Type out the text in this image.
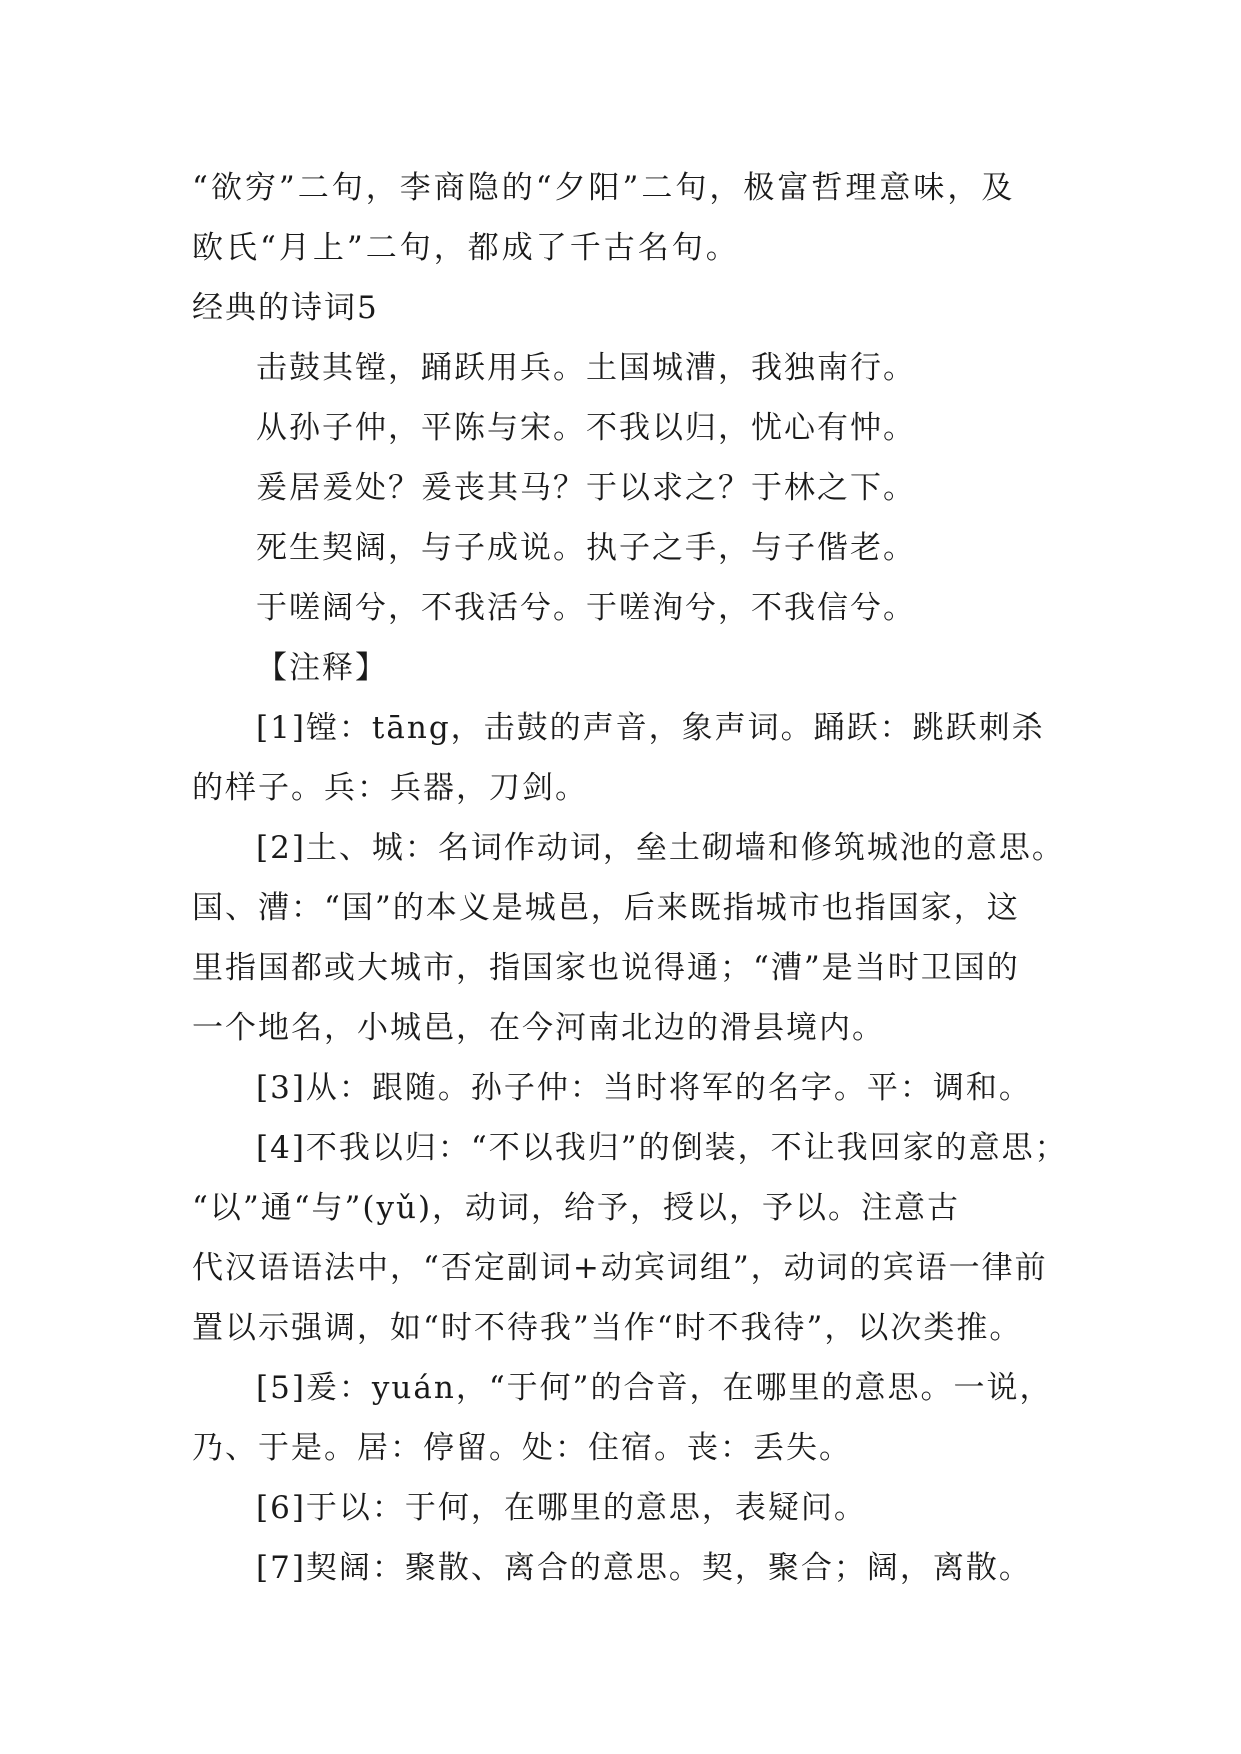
“欲穷”二句，李商隐的“夕阳”二句，极富哲理意味，及
欧氏“月上”二句，都成了千古名句。
经典的诗词5
击鼓其镗，踊跃用兵。土国城漕，我独南行。
从孙子仲，平陈与宋。不我以归，忧心有忡。
爰居爰处？爰丧其马？于以求之？于林之下。
死生契阔，与子成说。执子之手，与子偕老。
于嗟阔兮，不我活兮。于嗟洵兮，不我信兮。
【注释】
[1]镗：tāng，击鼓的声音，象声词。踊跃：跳跃刺杀
的样子。兵：兵器，刀剑。
[2]土、城：名词作动词，垒土砌墙和修筑城池的意思。
国、漕：“国”的本义是城邑，后来既指城市也指国家，这
里指国都或大城市，指国家也说得通；“漕”是当时卫国的
一个地名，小城邑，在今河南北边的滑县境内。
[3]从：跟随。孙子仲：当时将军的名字。平：调和。
[4]不我以归：“不以我归”的倒装，不让我回家的意思；
“以”通“与”(yǔ)，动词，给予，授以，予以。注意古
代汉语语法中，“否定副词+动宾词组”，动词的宾语一律前
置以示强调，如“时不待我”当作“时不我待”，以次类推。
[5]爰：yuán，“于何”的合音，在哪里的意思。一说，
乃、于是。居：停留。处：住宿。丧：丢失。
[6]于以：于何，在哪里的意思，表疑问。
[7]契阔：聚散、离合的意思。契，聚合；阔，离散。
